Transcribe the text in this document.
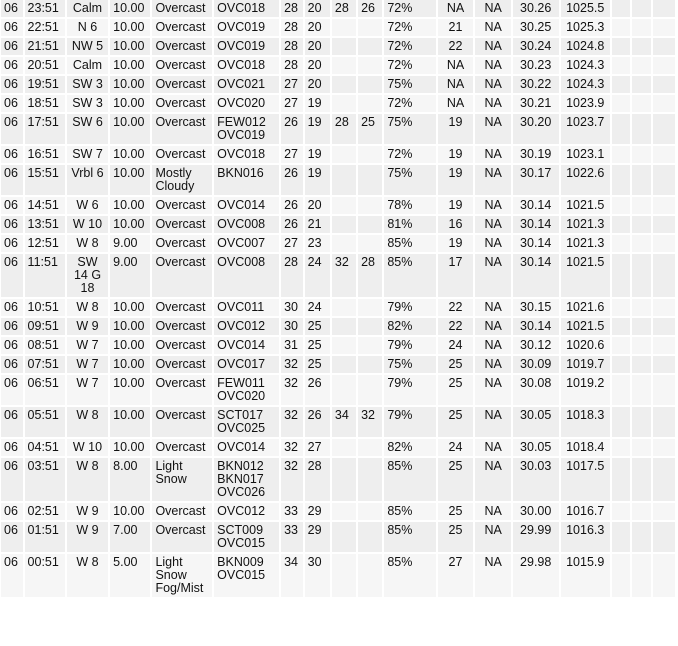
06	23:51	Calm	10.00	Overcast	OVC018	28	20	28	26	72%	NA	NA	30.26	1025.5			
06	22:51	N 6	10.00	Overcast	OVC019	28	20			72%	21	NA	30.25	1025.3			
06	21:51	NW 5	10.00	Overcast	OVC019	28	20			72%	22	NA	30.24	1024.8			
06	20:51	Calm	10.00	Overcast	OVC018	28	20			72%	NA	NA	30.23	1024.3			
06	19:51	SW 3	10.00	Overcast	OVC021	27	20			75%	NA	NA	30.22	1024.3			
06	18:51	SW 3	10.00	Overcast	OVC020	27	19			72%	NA	NA	30.21	1023.9			
06	17:51	SW 6	10.00	Overcast	FEW012
OVC019	26	19	28	25	75%	19	NA	30.20	1023.7			
06	16:51	SW 7	10.00	Overcast	OVC018	27	19			72%	19	NA	30.19	1023.1			
06	15:51	Vrbl 6	10.00	Mostly
Cloudy	BKN016	26	19			75%	19	NA	30.17	1022.6			
06	14:51	W 6	10.00	Overcast	OVC014	26	20			78%	19	NA	30.14	1021.5			
06	13:51	W 10	10.00	Overcast	OVC008	26	21			81%	16	NA	30.14	1021.3			
06	12:51	W 8	9.00	Overcast	OVC007	27	23			85%	19	NA	30.14	1021.3			
06	11:51	SW
14 G
18	9.00	Overcast	OVC008	28	24	32	28	85%	17	NA	30.14	1021.5			
06	10:51	W 8	10.00	Overcast	OVC011	30	24			79%	22	NA	30.15	1021.6			
06	09:51	W 9	10.00	Overcast	OVC012	30	25			82%	22	NA	30.14	1021.5			
06	08:51	W 7	10.00	Overcast	OVC014	31	25			79%	24	NA	30.12	1020.6			
06	07:51	W 7	10.00	Overcast	OVC017	32	25			75%	25	NA	30.09	1019.7			
06	06:51	W 7	10.00	Overcast	FEW011
OVC020	32	26			79%	25	NA	30.08	1019.2			
06	05:51	W 8	10.00	Overcast	SCT017
OVC025	32	26	34	32	79%	25	NA	30.05	1018.3			
06	04:51	W 10	10.00	Overcast	OVC014	32	27			82%	24	NA	30.05	1018.4			
06	03:51	W 8	8.00	Light
Snow	BKN012
BKN017
OVC026	32	28			85%	25	NA	30.03	1017.5			
06	02:51	W 9	10.00	Overcast	OVC012	33	29			85%	25	NA	30.00	1016.7			
06	01:51	W 9	7.00	Overcast	SCT009
OVC015	33	29			85%	25	NA	29.99	1016.3			
06	00:51	W 8	5.00	Light
Snow
Fog/Mist	BKN009
OVC015	34	30			85%	27	NA	29.98	1015.9			
